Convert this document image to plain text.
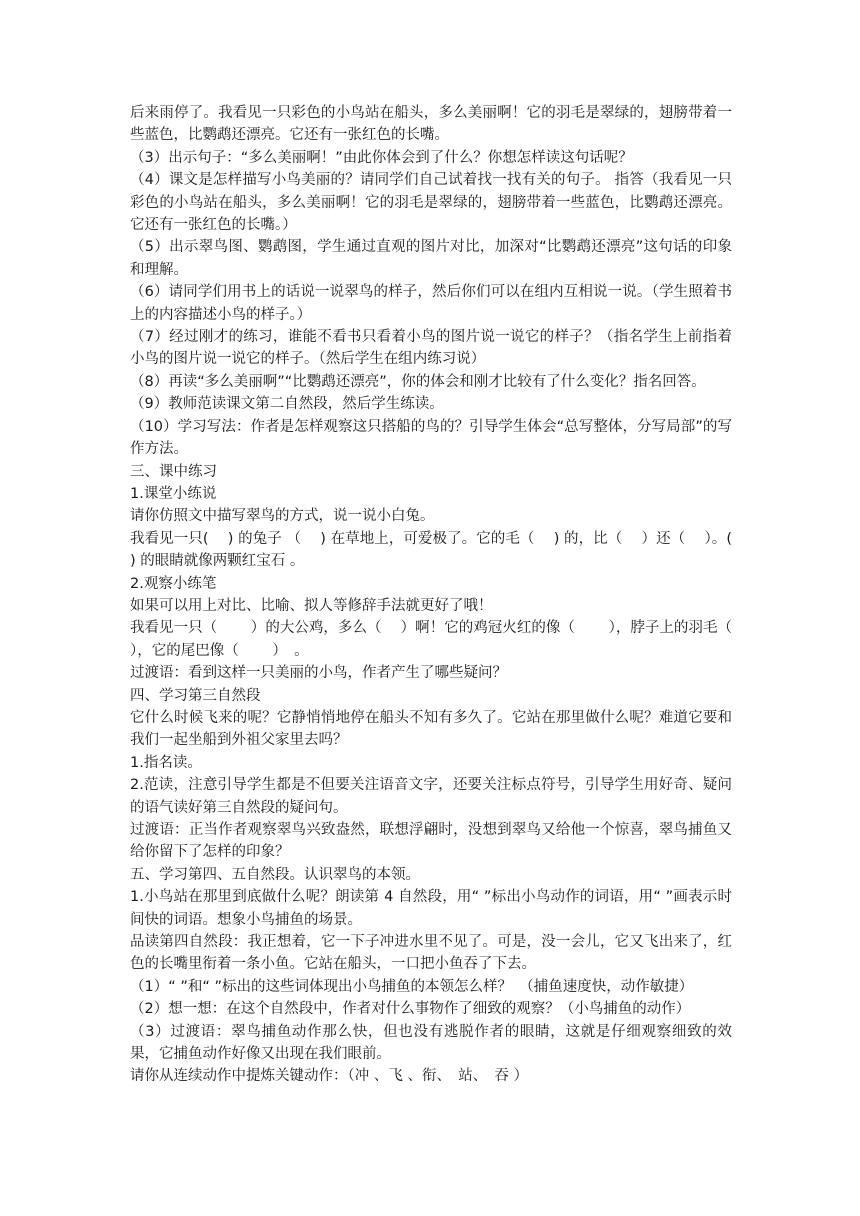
后来雨停了。我看见一只彩色的小鸟站在船头，多么美丽啊！它的羽毛是翠绿的，翅膀带着一些蓝色，比鹦鹉还漂亮。它还有一张红色的长嘴。

（3）出示句子：“多么美丽啊！”由此你体会到了什么？你想怎样读这句话呢？

（4）课文是怎样描写小鸟美丽的？请同学们自己试着找一找有关的句子。 指答（我看见一只彩色的小鸟站在船头，多么美丽啊！它的羽毛是翠绿的，翅膀带着一些蓝色，比鹦鹉还漂亮。它还有一张红色的长嘴。）

（5）出示翠鸟图、鹦鹉图，学生通过直观的图片对比，加深对“比鹦鹉还漂亮”这句话的印象和理解。

（6）请同学们用书上的话说一说翠鸟的样子，然后你们可以在组内互相说一说。（学生照着书上的内容描述小鸟的样子。）

（7）经过刚才的练习，谁能不看书只看着小鸟的图片说一说它的样子？（指名学生上前指着小鸟的图片说一说它的样子。（然后学生在组内练习说）

（8）再读“多么美丽啊”“比鹦鹉还漂亮”，你的体会和刚才比较有了什么变化？指名回答。

（9）教师范读课文第二自然段，然后学生练读。

（10）学习写法：作者是怎样观察这只搭船的鸟的？引导学生体会“总写整体，分写局部”的写作方法。

三、课中练习

1.课堂小练说

请你仿照文中描写翠鸟的方式，说一说小白兔。

我看见一只(　 ) 的兔子 （　 ) 在草地上，可爱极了。它的毛（　 ) 的，比（　 ）还（　 ）。(　 ) 的眼睛就像两颗红宝石 。

2.观察小练笔

如果可以用上对比、比喻、拟人等修辞手法就更好了哦！

我看见一只（　　 ）的大公鸡，多么（　 ）啊！它的鸡冠火红的像（　　 ），脖子上的羽毛（　　 ），它的尾巴像（　　 ）　。

过渡语：看到这样一只美丽的小鸟，作者产生了哪些疑问？

四、学习第三自然段

它什么时候飞来的呢？它静悄悄地停在船头不知有多久了。它站在那里做什么呢？难道它要和我们一起坐船到外祖父家里去吗？

1.指名读。

2.范读，注意引导学生都是不但要关注语音文字，还要关注标点符号，引导学生用好奇、疑问的语气读好第三自然段的疑问句。

过渡语：正当作者观察翠鸟兴致盎然，联想浮翩时，没想到翠鸟又给他一个惊喜，翠鸟捕鱼又给你留下了怎样的印象？

五、学习第四、五自然段。认识翠鸟的本领。

1.小鸟站在那里到底做什么呢？朗读第 4 自然段，用“ ”标出小鸟动作的词语，用“ ”画表示时间快的词语。想象小鸟捕鱼的场景。

品读第四自然段：我正想着，它一下子冲进水里不见了。可是，没一会儿，它又飞出来了，红色的长嘴里衔着一条小鱼。它站在船头，一口把小鱼吞了下去。

（1）“ ”和“ ”标出的这些词体现出小鸟捕鱼的本领怎么样？　（捕鱼速度快，动作敏捷）

（2）想一想：在这个自然段中，作者对什么事物作了细致的观察？（小鸟捕鱼的动作）

（3）过渡语：翠鸟捕鱼动作那么快，但也没有逃脱作者的眼睛，这就是仔细观察细致的效果，它捕鱼动作好像又出现在我们眼前。

请你从连续动作中提炼关键动作：（冲 、飞 、衔、　站、　吞 ）
